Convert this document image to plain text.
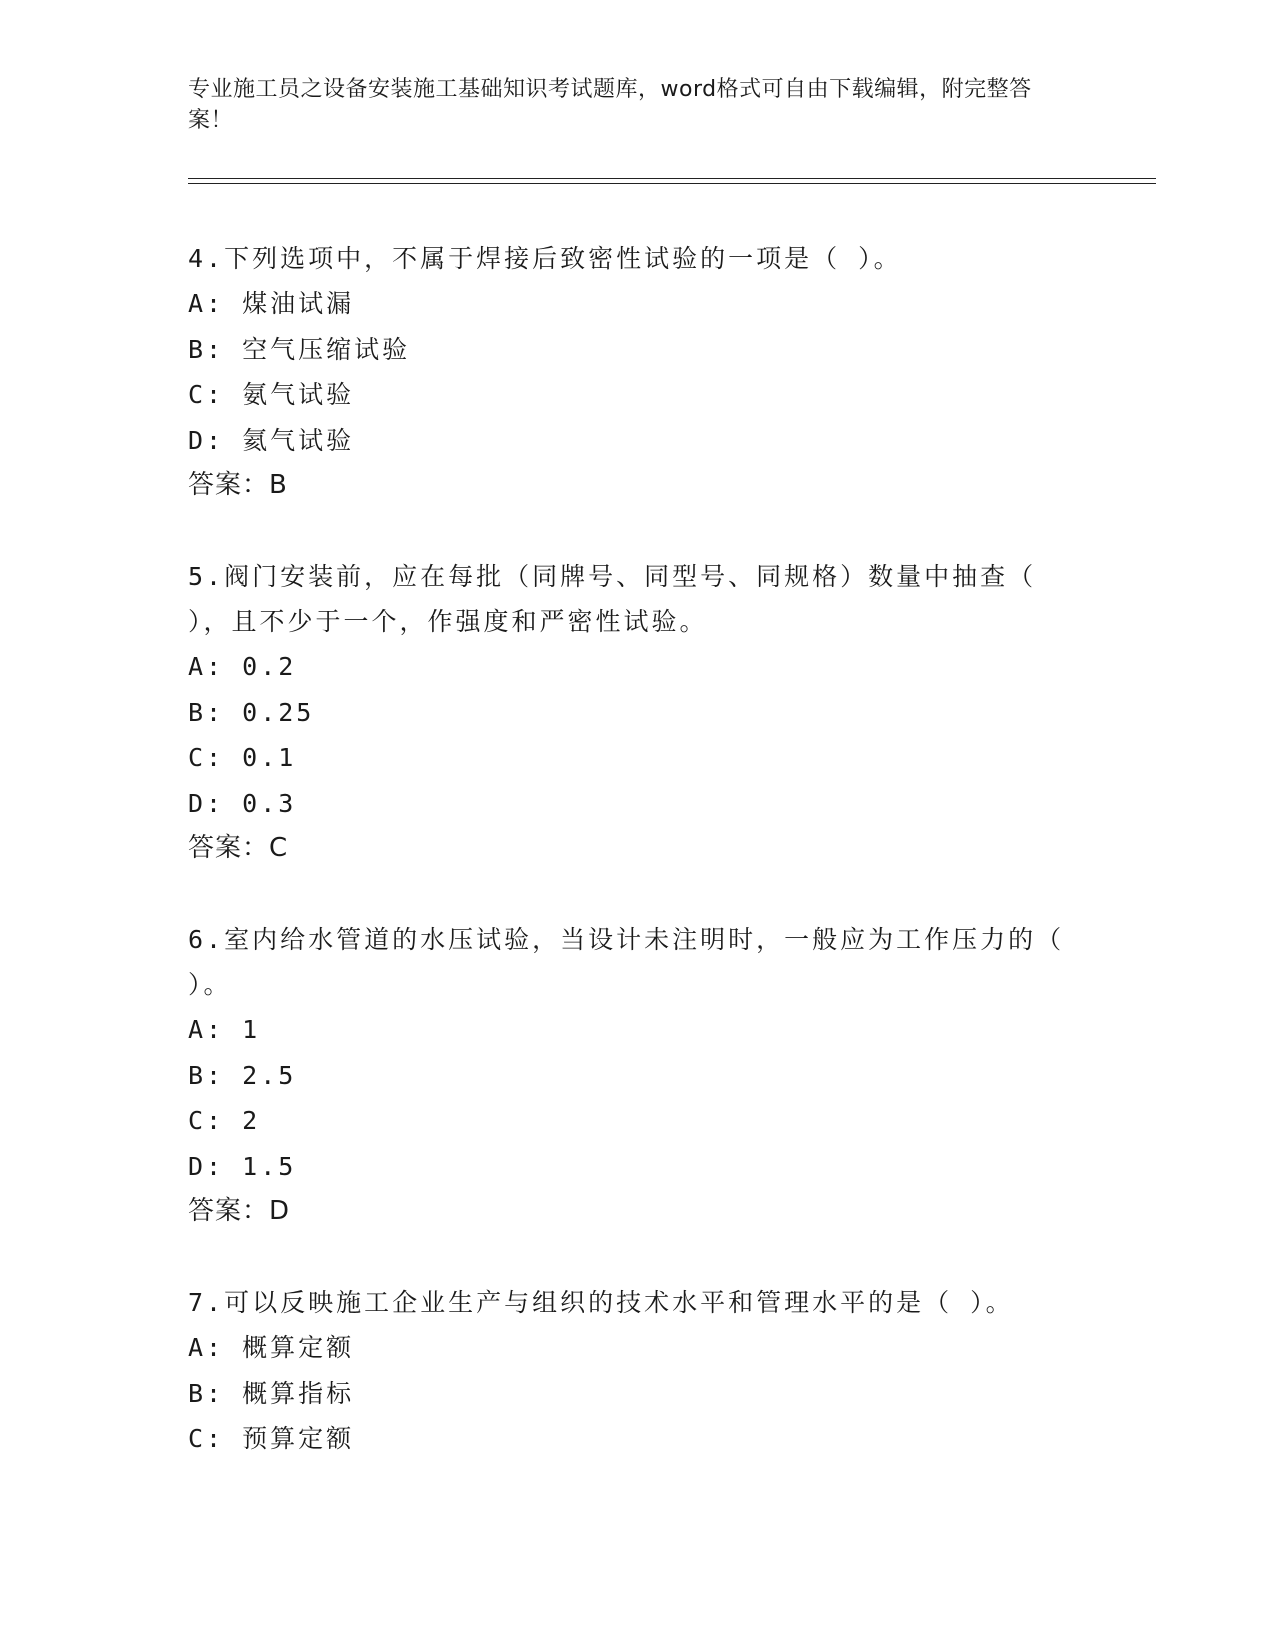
专业施工员之设备安装施工基础知识考试题库，word格式可自由下载编辑，附完整答案！
4.下列选项中，不属于焊接后致密性试验的一项是（ ）。
A: 煤油试漏
B: 空气压缩试验
C: 氨气试验
D: 氦气试验
答案：B
5.阀门安装前，应在每批（同牌号、同型号、同规格）数量中抽查（ ），且不少于一个，作强度和严密性试验。
A: 0.2
B: 0.25
C: 0.1
D: 0.3
答案：C
6.室内给水管道的水压试验，当设计未注明时，一般应为工作压力的（ ）。
A: 1
B: 2.5
C: 2
D: 1.5
答案：D
7.可以反映施工企业生产与组织的技术水平和管理水平的是（ ）。
A: 概算定额
B: 概算指标
C: 预算定额
